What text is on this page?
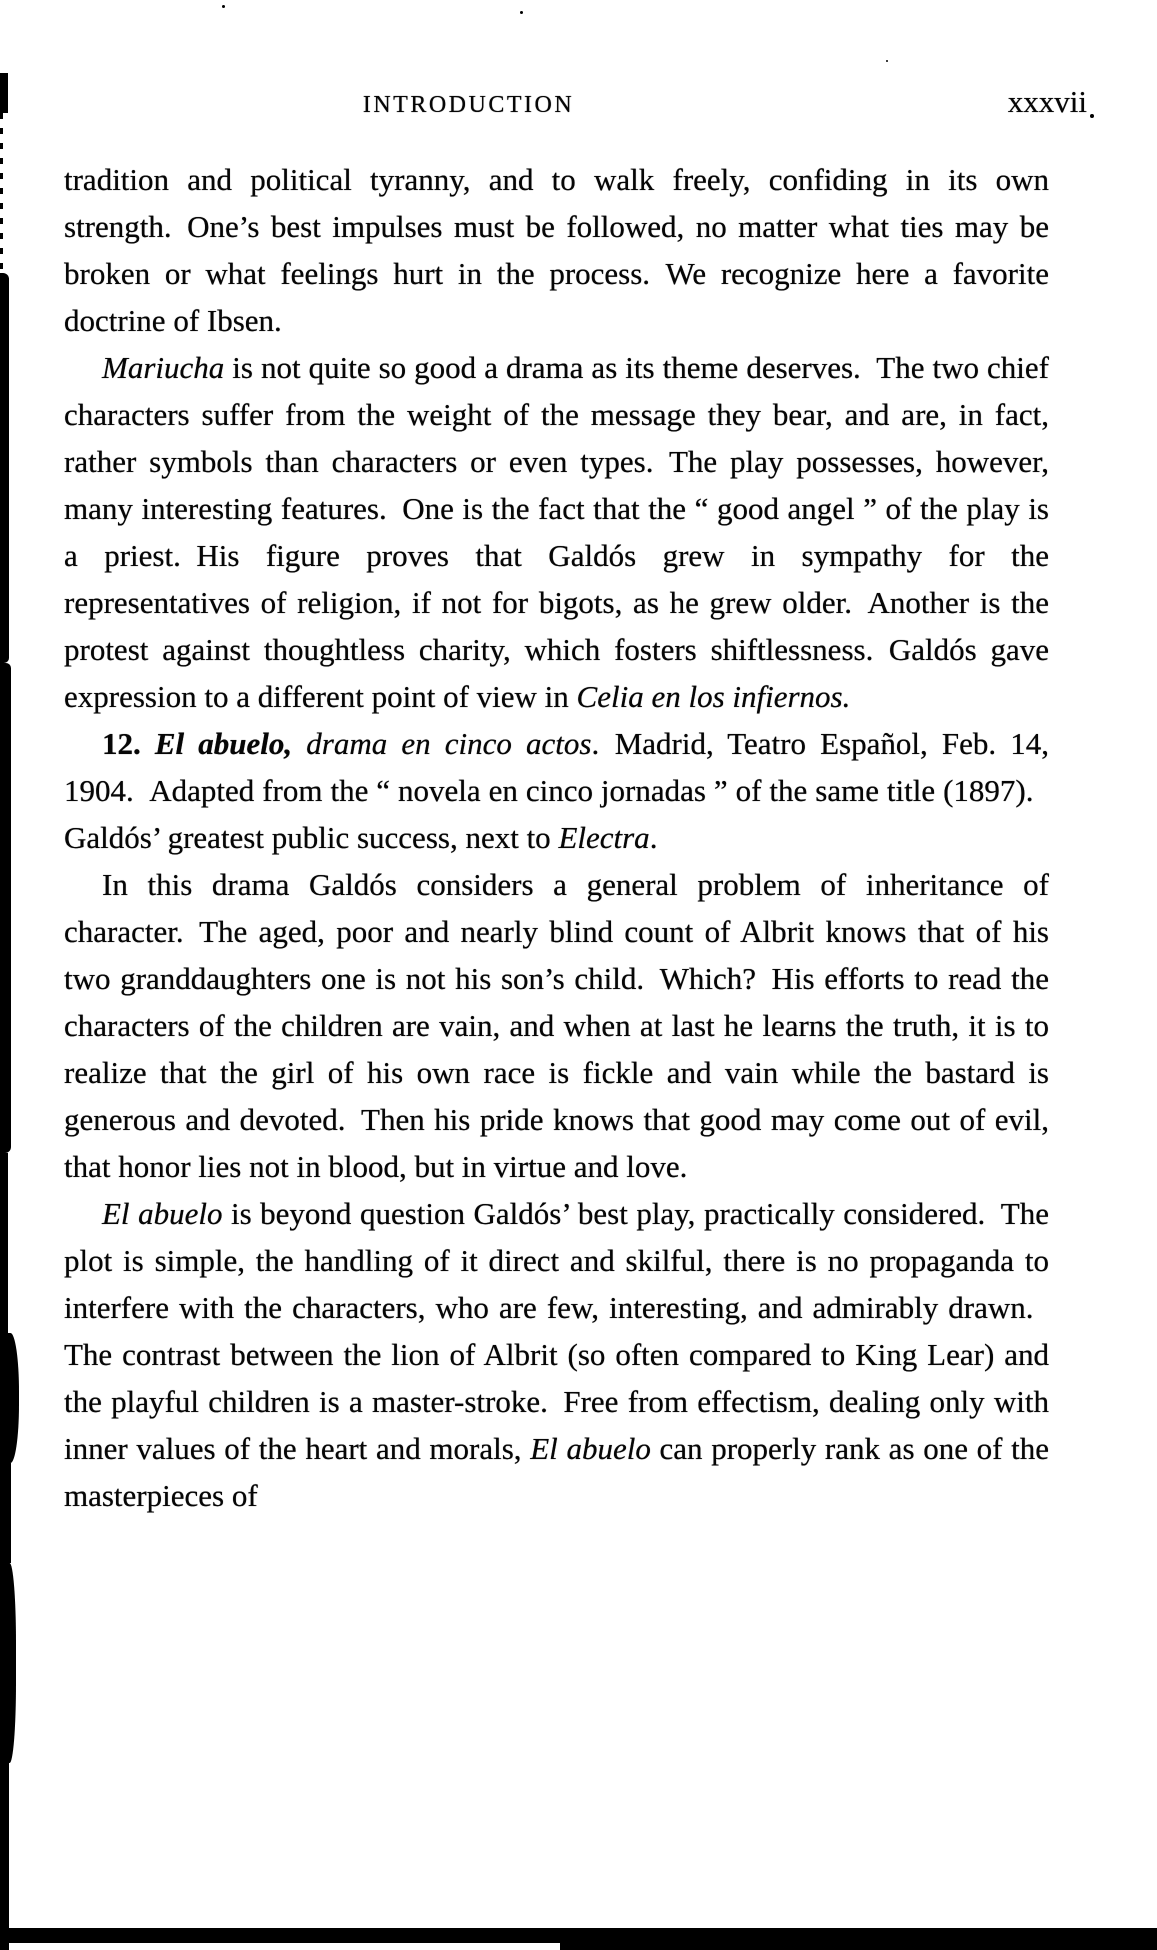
INTRODUCTION	xxxvii

tradition and political tyranny, and to walk freely, confiding in its own strength. One’s best impulses must be followed, no matter what ties may be broken or what feelings hurt in the process. We recognize here a favorite doctrine of Ibsen.

Mariucha is not quite so good a drama as its theme deserves. The two chief characters suffer from the weight of the message they bear, and are, in fact, rather symbols than characters or even types. The play possesses, however, many interesting features. One is the fact that the “ good angel ” of the play is a priest. His figure proves that Galdós grew in sympathy for the representatives of religion, if not for bigots, as he grew older. Another is the protest against thoughtless charity, which fosters shiftlessness. Galdós gave expression to a different point of view in Celia en los infiernos.

12. El abuelo, drama en cinco actos. Madrid, Teatro Español, Feb. 14, 1904. Adapted from the “ novela en cinco jornadas ” of the same title (1897). Galdós’ greatest public success, next to Electra.

In this drama Galdós considers a general problem of inheritance of character. The aged, poor and nearly blind count of Albrit knows that of his two granddaughters one is not his son’s child. Which? His efforts to read the characters of the children are vain, and when at last he learns the truth, it is to realize that the girl of his own race is fickle and vain while the bastard is generous and devoted. Then his pride knows that good may come out of evil, that honor lies not in blood, but in virtue and love.

El abuelo is beyond question Galdós’ best play, practically considered. The plot is simple, the handling of it direct and skilful, there is no propaganda to interfere with the characters, who are few, interesting, and admirably drawn. The contrast between the lion of Albrit (so often compared to King Lear) and the playful children is a master-stroke. Free from effectism, dealing only with inner values of the heart and morals, El abuelo can properly rank as one of the masterpieces of
